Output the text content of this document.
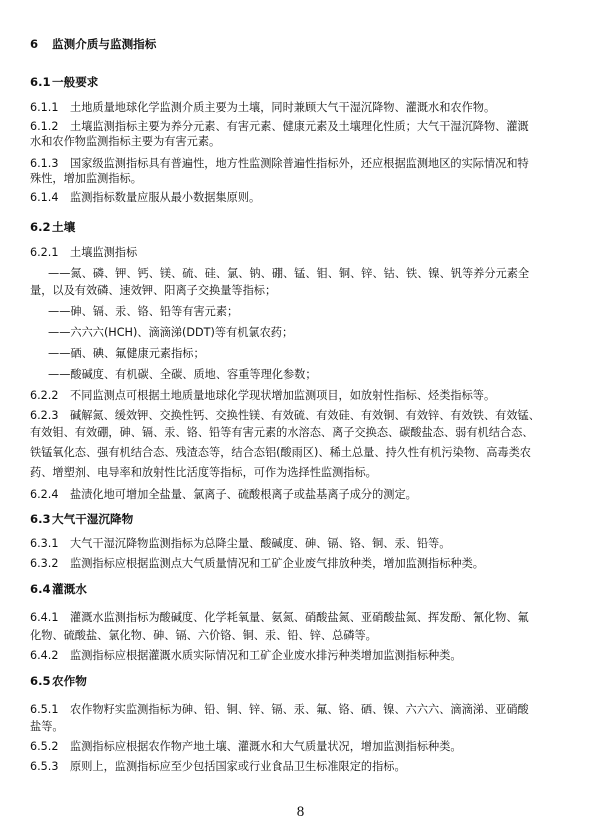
6 监测介质与监测指标
6.1一般要求
6.1.1 土地质量地球化学监测介质主要为土壤，同时兼顾大气干湿沉降物、灌溉水和农作物。
6.1.2 土壤监测指标主要为养分元素、有害元素、健康元素及土壤理化性质；大气干湿沉降物、灌溉
水和农作物监测指标主要为有害元素。
6.1.3 国家级监测指标具有普遍性，地方性监测除普遍性指标外，还应根据监测地区的实际情况和特
殊性，增加监测指标。
6.1.4 监测指标数量应服从最小数据集原则。
6.2土壤
6.2.1 土壤监测指标
——氮、磷、钾、钙、镁、硫、硅、氯、钠、硼、锰、钼、铜、锌、钴、铁、镍、钒等养分元素全
量，以及有效磷、速效钾、阳离子交换量等指标；
——砷、镉、汞、铬、铅等有害元素；
——六六六(HCH)、滴滴涕(DDT)等有机氯农药；
——硒、碘、氟健康元素指标；
——酸碱度、有机碳、全碳、质地、容重等理化参数；
6.2.2 不同监测点可根据土地质量地球化学现状增加监测项目，如放射性指标、烃类指标等。
6.2.3 碱解氮、缓效钾、交换性钙、交换性镁、有效硫、有效硅、有效铜、有效锌、有效铁、有效锰、
有效钼、有效硼，砷、镉、汞、铬、铅等有害元素的水溶态、离子交换态、碳酸盐态、弱有机结合态、
铁锰氧化态、强有机结合态、残渣态等，结合态铝(酸雨区)、稀土总量、持久性有机污染物、高毒类农
药、增塑剂、电导率和放射性比活度等指标，可作为选择性监测指标。
6.2.4 盐渍化地可增加全盐量、氯离子、硫酸根离子或盐基离子成分的测定。
6.3大气干湿沉降物
6.3.1 大气干湿沉降物监测指标为总降尘量、酸碱度、砷、镉、铬、铜、汞、铅等。
6.3.2 监测指标应根据监测点大气质量情况和工矿企业废气排放种类，增加监测指标种类。
6.4灌溉水
6.4.1 灌溉水监测指标为酸碱度、化学耗氧量、氨氮、硝酸盐氮、亚硝酸盐氮、挥发酚、氰化物、氟
化物、硫酸盐、氯化物、砷、镉、六价铬、铜、汞、铅、锌、总磷等。
6.4.2 监测指标应根据灌溉水质实际情况和工矿企业废水排污种类增加监测指标种类。
6.5农作物
6.5.1 农作物籽实监测指标为砷、铅、铜、锌、镉、汞、氟、铬、硒、镍、六六六、滴滴涕、亚硝酸
盐等。
6.5.2 监测指标应根据农作物产地土壤、灌溉水和大气质量状况，增加监测指标种类。
6.5.3 原则上，监测指标应至少包括国家或行业食品卫生标准限定的指标。
8
